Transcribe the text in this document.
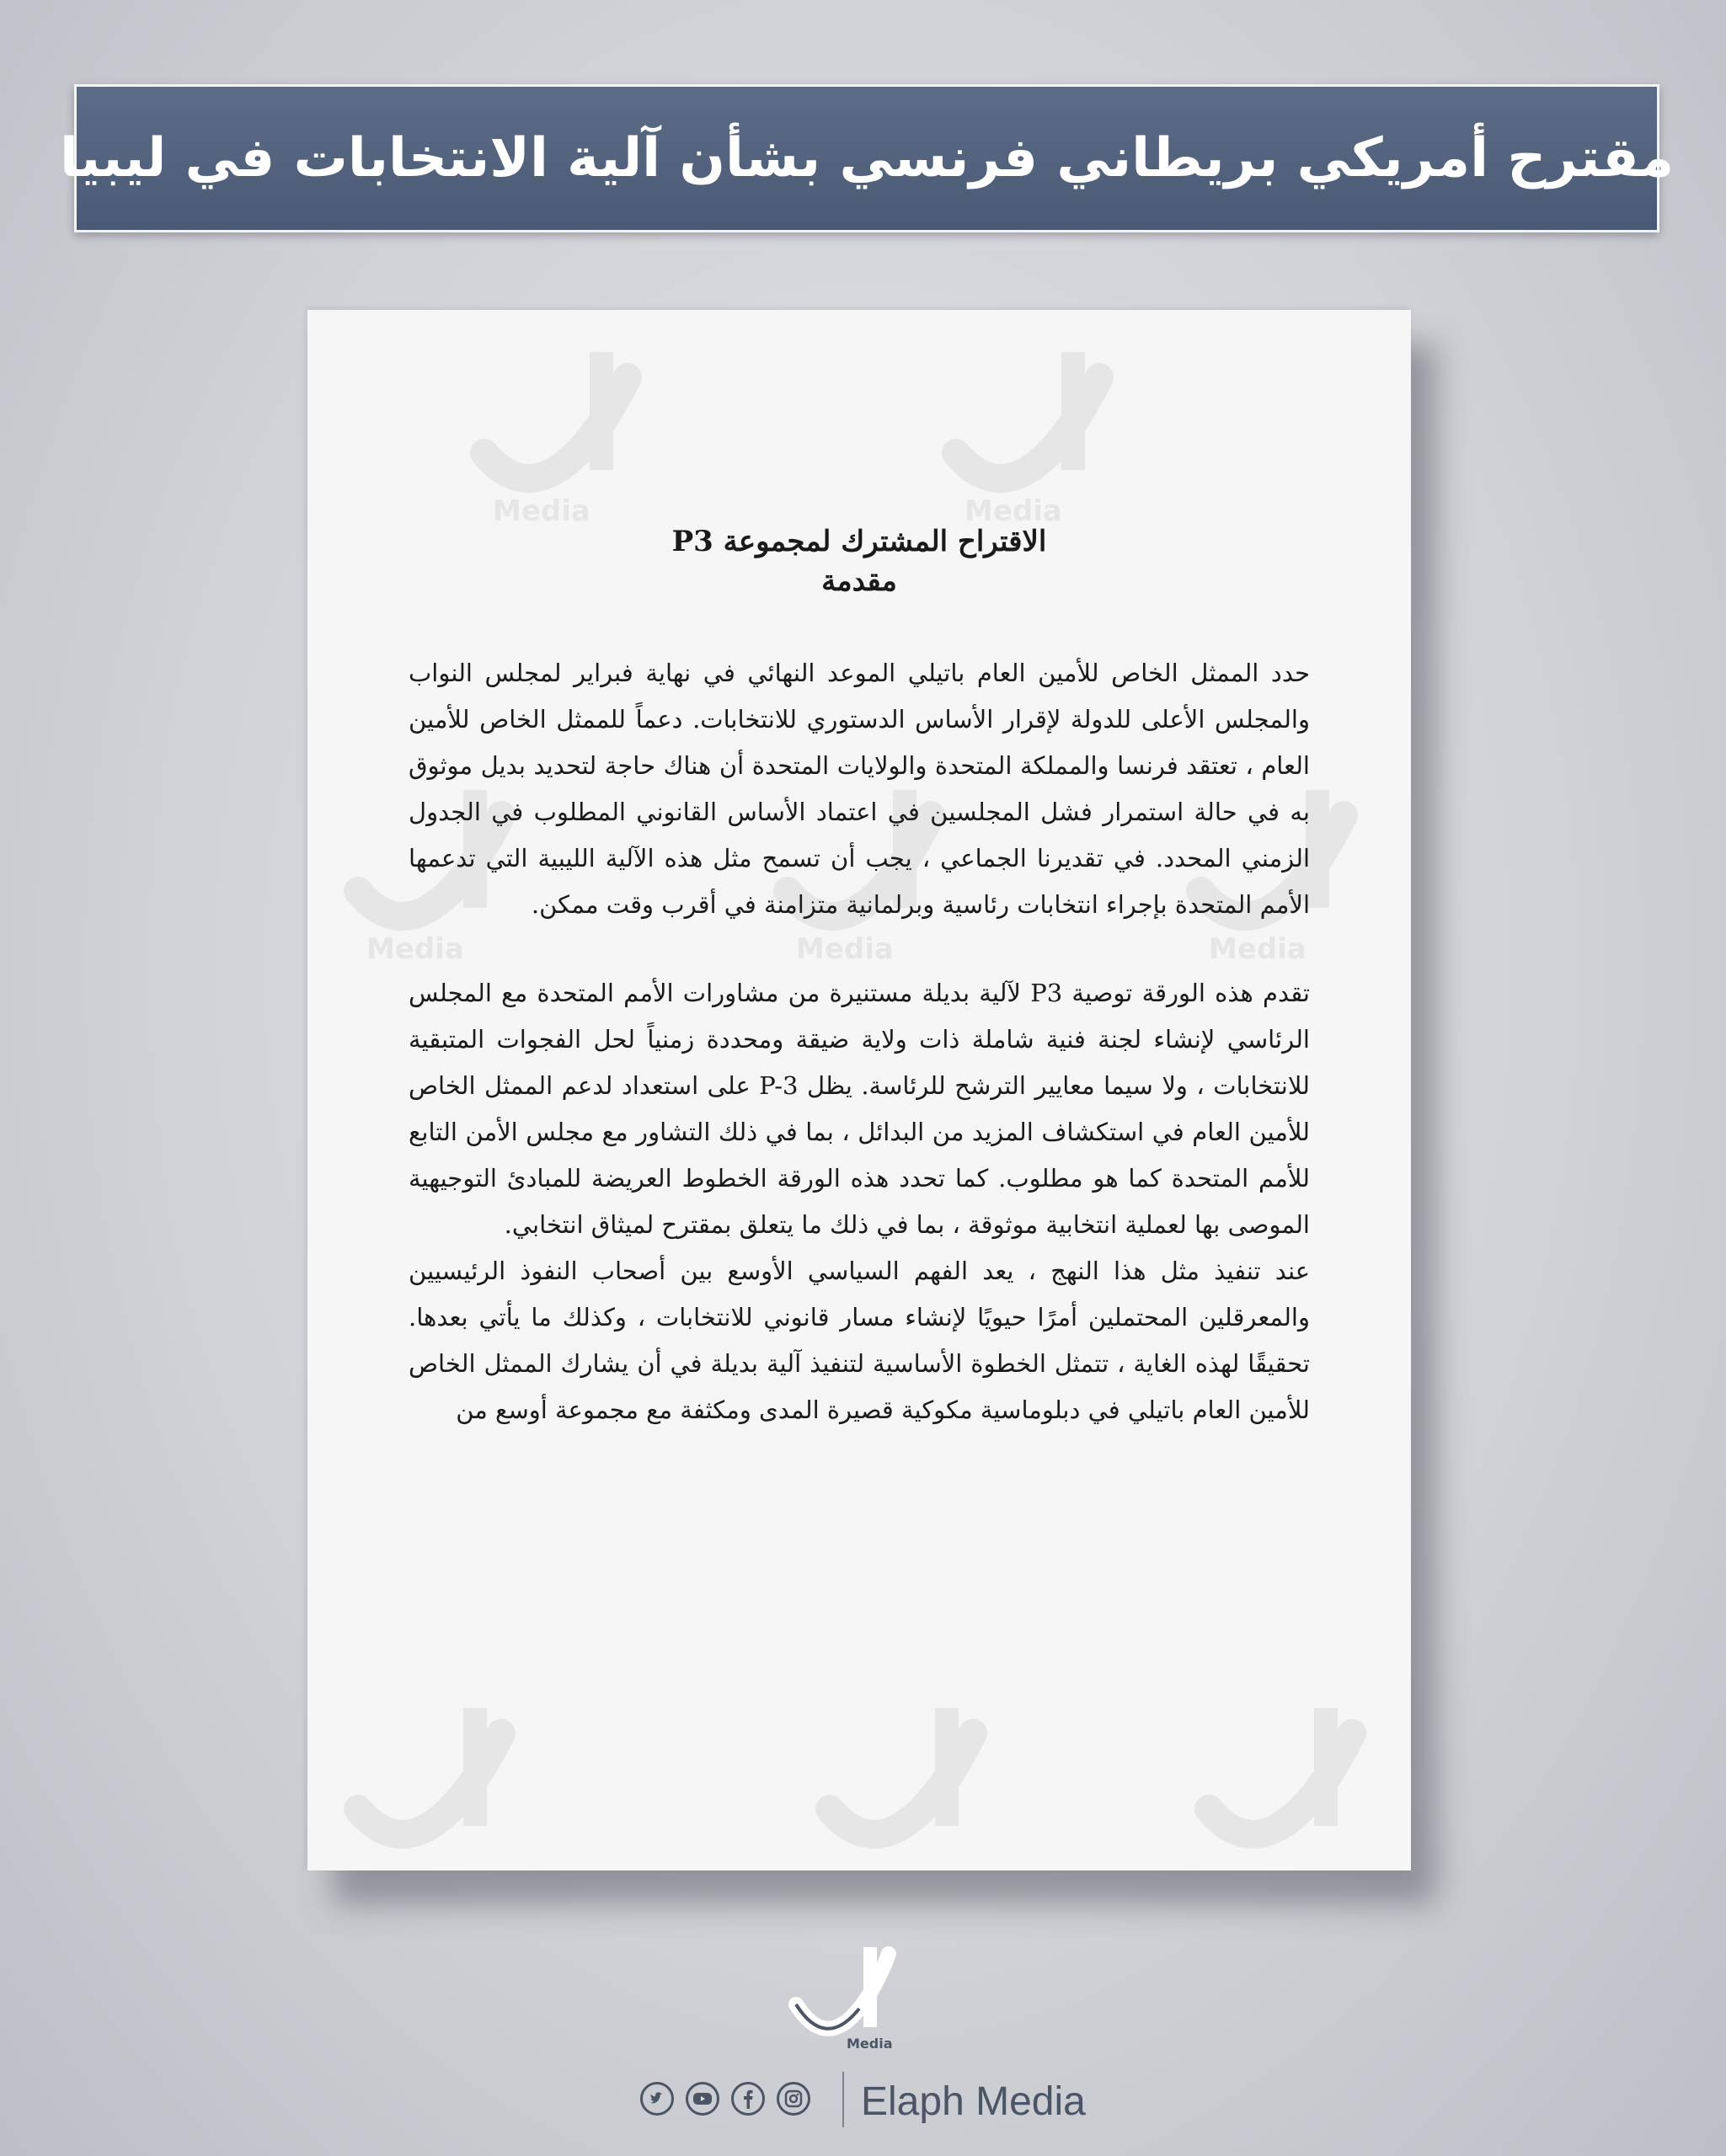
مقترح أمريكي بريطاني فرنسي بشأن آلية الانتخابات في ليبيا
Media	Media
Media	Media	Media

الاقتراح المشترك لمجموعة P3

مقدمة

حدد الممثل الخاص للأمين العام باتيلي الموعد النهائي في نهاية فبراير لمجلس النواب والمجلس الأعلى للدولة لإقرار الأساس الدستوري للانتخابات. دعماً للممثل الخاص للأمين العام ، تعتقد فرنسا والمملكة المتحدة والولايات المتحدة أن هناك حاجة لتحديد بديل موثوق به في حالة استمرار فشل المجلسين في اعتماد الأساس القانوني المطلوب في الجدول الزمني المحدد. في تقديرنا الجماعي ، يجب أن تسمح مثل هذه الآلية الليبية التي تدعمها الأمم المتحدة بإجراء انتخابات رئاسية وبرلمانية متزامنة في أقرب وقت ممكن.

تقدم هذه الورقة توصية P3 لآلية بديلة مستنيرة من مشاورات الأمم المتحدة مع المجلس الرئاسي لإنشاء لجنة فنية شاملة ذات ولاية ضيقة ومحددة زمنياً لحل الفجوات المتبقية للانتخابات ، ولا سيما معايير الترشح للرئاسة. يظل P-3 على استعداد لدعم الممثل الخاص للأمين العام في استكشاف المزيد من البدائل ، بما في ذلك التشاور مع مجلس الأمن التابع للأمم المتحدة كما هو مطلوب. كما تحدد هذه الورقة الخطوط العريضة للمبادئ التوجيهية الموصى بها لعملية انتخابية موثوقة ، بما في ذلك ما يتعلق بمقترح لميثاق انتخابي.

عند تنفيذ مثل هذا النهج ، يعد الفهم السياسي الأوسع بين أصحاب النفوذ الرئيسيين والمعرقلين المحتملين أمرًا حيويًا لإنشاء مسار قانوني للانتخابات ، وكذلك ما يأتي بعدها. تحقيقًا لهذه الغاية ، تتمثل الخطوة الأساسية لتنفيذ آلية بديلة في أن يشارك الممثل الخاص للأمين العام باتيلي في دبلوماسية مكوكية قصيرة المدى ومكثفة مع مجموعة أوسع من

Media
Elaph Media
